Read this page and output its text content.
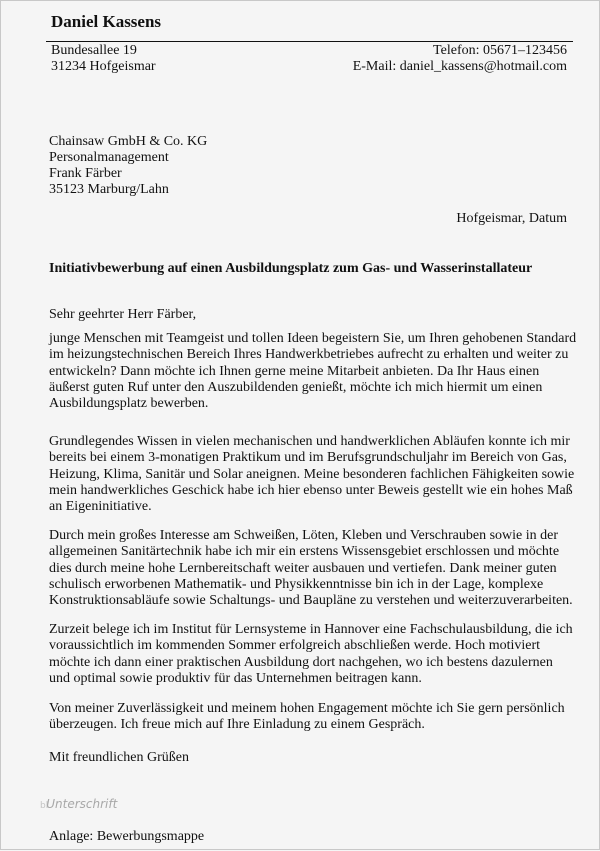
Daniel Kassens
Bundesallee 19
31234 Hofgeismar
Telefon: 05671–123456
E-Mail: daniel_kassens@hotmail.com
Chainsaw GmbH & Co. KG
Personalmanagement
Frank Färber
35123 Marburg/Lahn
Hofgeismar, Datum
Initiativbewerbung auf einen Ausbildungsplatz zum Gas- und Wasserinstallateur
Sehr geehrter Herr Färber,
junge Menschen mit Teamgeist und tollen Ideen begeistern Sie, um Ihren gehobenen Standard
im heizungstechnischen Bereich Ihres Handwerkbetriebes aufrecht zu erhalten und weiter zu
entwickeln? Dann möchte ich Ihnen gerne meine Mitarbeit anbieten. Da Ihr Haus einen
äußerst guten Ruf unter den Auszubildenden genießt, möchte ich mich hiermit um einen
Ausbildungsplatz bewerben.
Grundlegendes Wissen in vielen mechanischen und handwerklichen Abläufen konnte ich mir
bereits bei einem 3-monatigen Praktikum und im Berufsgrundschuljahr im Bereich von Gas,
Heizung, Klima, Sanitär und Solar aneignen. Meine besonderen fachlichen Fähigkeiten sowie
mein handwerkliches Geschick habe ich hier ebenso unter Beweis gestellt wie ein hohes Maß
an Eigeninitiative.
Durch mein großes Interesse am Schweißen, Löten, Kleben und Verschrauben sowie in der
allgemeinen Sanitärtechnik habe ich mir ein erstens Wissensgebiet erschlossen und möchte
dies durch meine hohe Lernbereitschaft weiter ausbauen und vertiefen. Dank meiner guten
schulisch erworbenen Mathematik- und Physikkenntnisse bin ich in der Lage, komplexe
Konstruktionsabläufe sowie Schaltungs- und Baupläne zu verstehen und weiterzuverarbeiten.
Zurzeit belege ich im Institut für Lernsysteme in Hannover eine Fachschulausbildung, die ich
voraussichtlich im kommenden Sommer erfolgreich abschließen werde. Hoch motiviert
möchte ich dann einer praktischen Ausbildung dort nachgehen, wo ich bestens dazulernen
und optimal sowie produktiv für das Unternehmen beitragen kann.
Von meiner Zuverlässigkeit und meinem hohen Engagement möchte ich Sie gern persönlich
überzeugen. Ich freue mich auf Ihre Einladung zu einem Gespräch.
Mit freundlichen Grüßen
blUnterschrift
Anlage: Bewerbungsmappe
